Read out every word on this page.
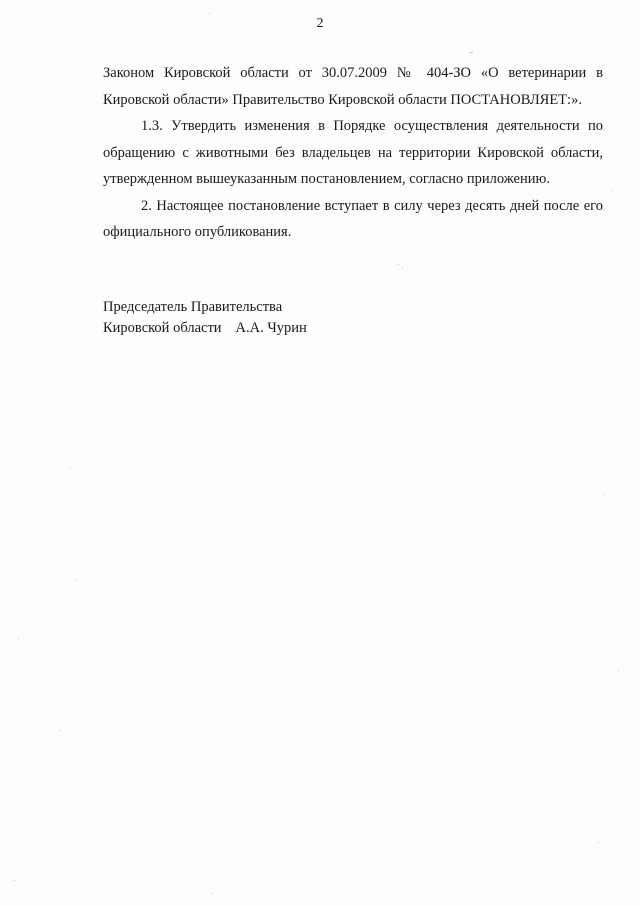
2

Законом Кировской области от 30.07.2009 № 404-ЗО «О ветеринарии в Кировской области» Правительство Кировской области ПОСТАНОВЛЯЕТ:».

1.3. Утвердить изменения в Порядке осуществления деятельности по обращению с животными без владельцев на территории Кировской области, утвержденном вышеуказанным постановлением, согласно приложению.

2. Настоящее постановление вступает в силу через десять дней после его официального опубликования.

Председатель Правительства
Кировской области А.А. Чурин
